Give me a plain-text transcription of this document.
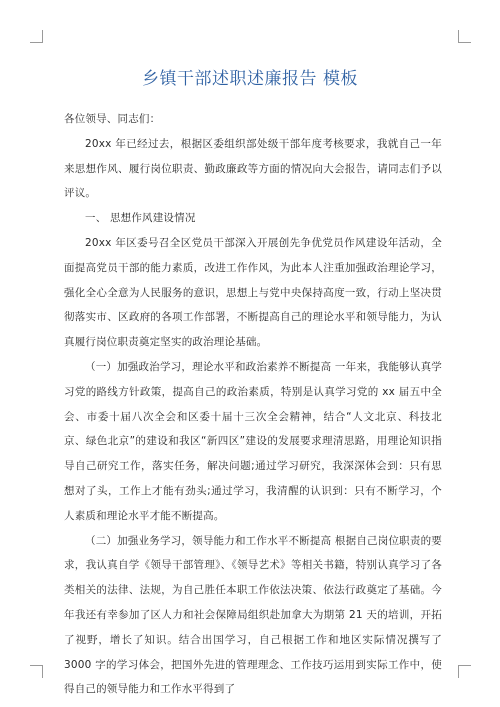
乡镇干部述职述廉报告 模板

各位领导、同志们：

20xx 年已经过去，根据区委组织部处级干部年度考核要求，我就自己一年来思想作风、履行岗位职责、勤政廉政等方面的情况向大会报告，请同志们予以评议。

一、 思想作风建设情况

20xx 年区委号召全区党员干部深入开展创先争优党员作风建设年活动，全面提高党员干部的能力素质，改进工作作风，为此本人注重加强政治理论学习，强化全心全意为人民服务的意识，思想上与党中央保持高度一致，行动上坚决贯彻落实市、区政府的各项工作部署，不断提高自己的理论水平和领导能力，为认真履行岗位职责奠定坚实的政治理论基础。

（一）加强政治学习，理论水平和政治素养不断提高 一年来，我能够认真学习党的路线方针政策，提高自己的政治素质，特别是认真学习党的 xx 届五中全会、市委十届八次全会和区委十届十三次全会精神，结合“人文北京、科技北京、绿色北京”的建设和我区“新四区”建设的发展要求理清思路，用理论知识指导自己研究工作，落实任务，解决问题;通过学习研究，我深深体会到：只有思想对了头，工作上才能有劲头;通过学习，我清醒的认识到：只有不断学习，个人素质和理论水平才能不断提高。

（二）加强业务学习，领导能力和工作水平不断提高 根据自己岗位职责的要求，我认真自学《领导干部管理》、《领导艺术》等相关书籍，特别认真学习了各类相关的法律、法规，为自己胜任本职工作依法决策、依法行政奠定了基础。今年我还有幸参加了区人力和社会保障局组织赴加拿大为期第 21 天的培训，开拓了视野，增长了知识。结合出国学习，自己根据工作和地区实际情况撰写了 3000 字的学习体会，把国外先进的管理理念、工作技巧运用到实际工作中，使得自己的领导能力和工作水平得到了
